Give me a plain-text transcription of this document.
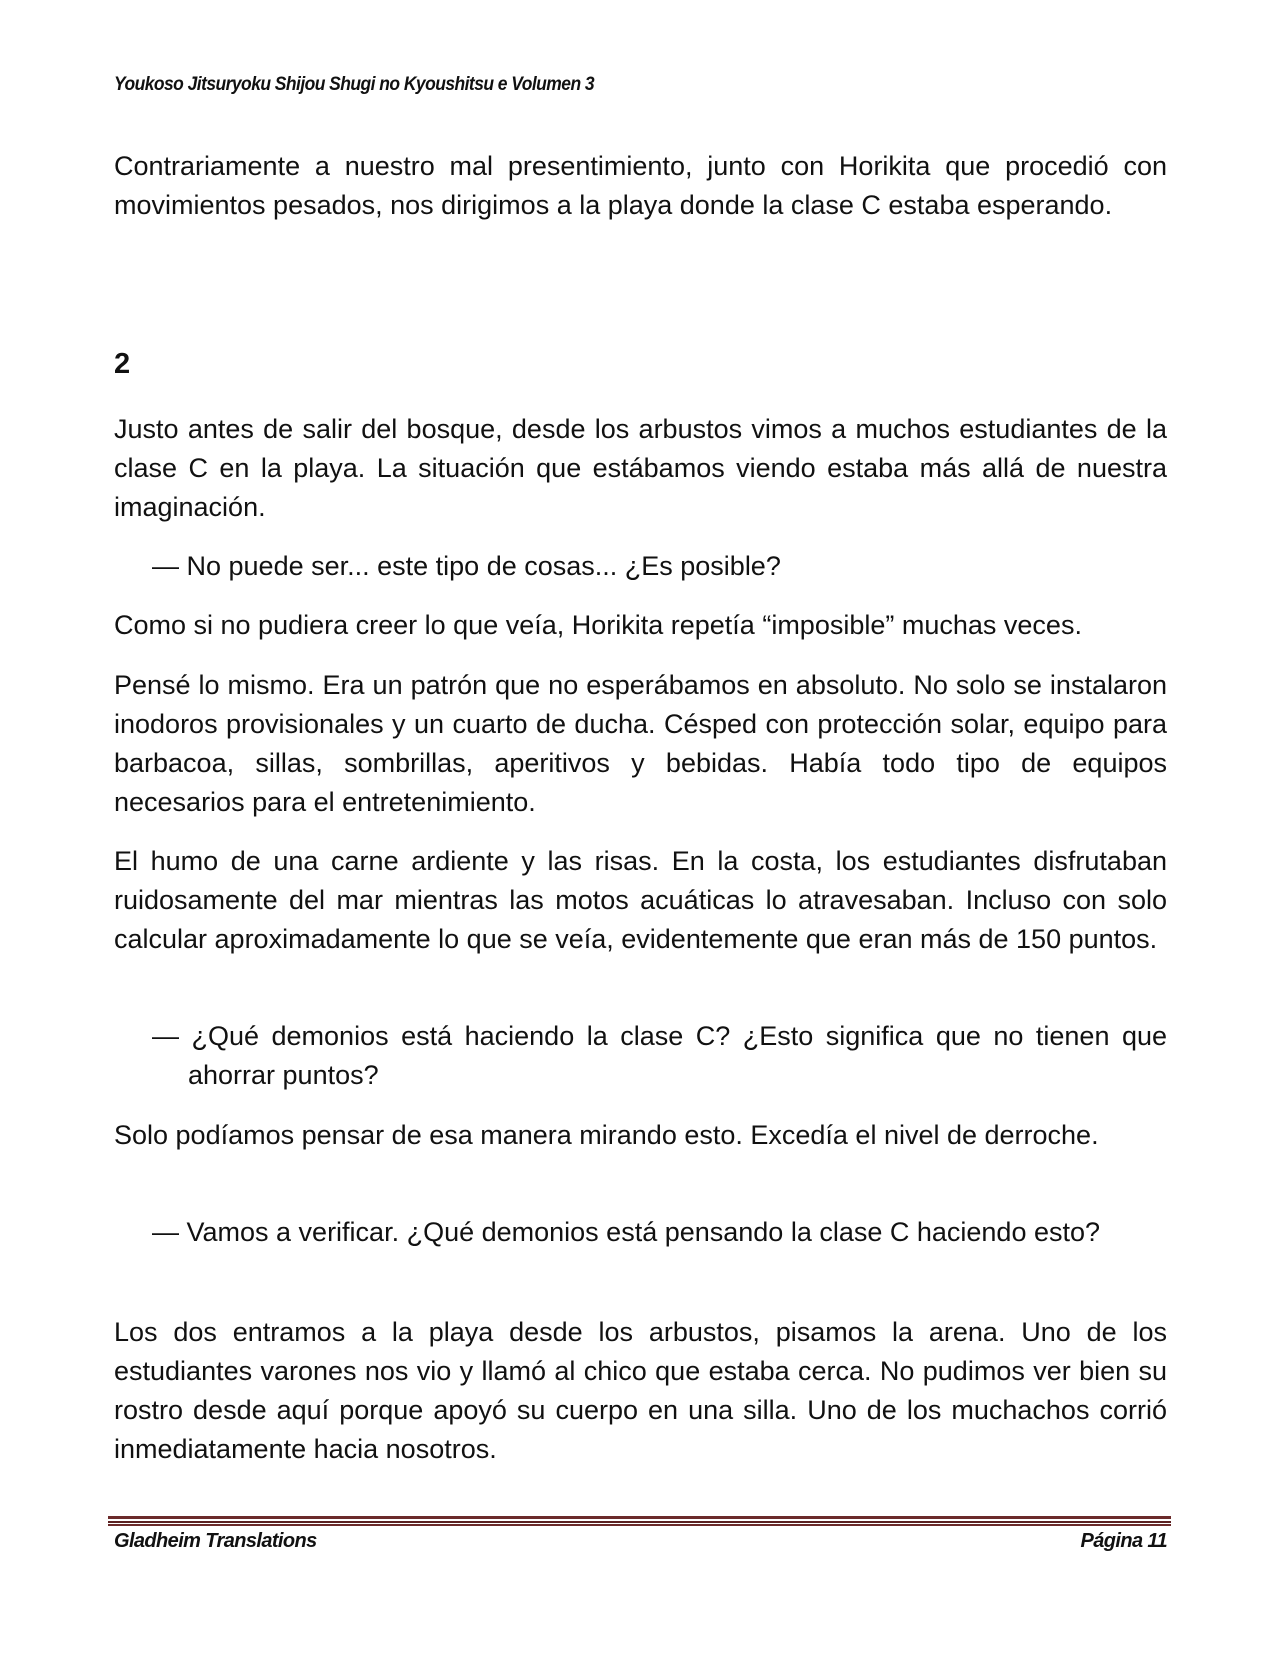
Youkoso Jitsuryoku Shijou Shugi no Kyoushitsu e Volumen 3

Contrariamente a nuestro mal presentimiento, junto con Horikita que procedió con movimientos pesados, nos dirigimos a la playa donde la clase C estaba esperando.

2

Justo antes de salir del bosque, desde los arbustos vimos a muchos estudiantes de la clase C en la playa. La situación que estábamos viendo estaba más allá de nuestra imaginación.

— No puede ser... este tipo de cosas... ¿Es posible?

Como si no pudiera creer lo que veía, Horikita repetía “imposible” muchas veces.

Pensé lo mismo. Era un patrón que no esperábamos en absoluto. No solo se instalaron inodoros provisionales y un cuarto de ducha. Césped con protección solar, equipo para barbacoa, sillas, sombrillas, aperitivos y bebidas. Había todo tipo de equipos necesarios para el entretenimiento.

El humo de una carne ardiente y las risas. En la costa, los estudiantes disfrutaban ruidosamente del mar mientras las motos acuáticas lo atravesaban. Incluso con solo calcular aproximadamente lo que se veía, evidentemente que eran más de 150 puntos.

— ¿Qué demonios está haciendo la clase C? ¿Esto significa que no tienen que ahorrar puntos?

Solo podíamos pensar de esa manera mirando esto. Excedía el nivel de derroche.

— Vamos a verificar. ¿Qué demonios está pensando la clase C haciendo esto?

Los dos entramos a la playa desde los arbustos, pisamos la arena. Uno de los estudiantes varones nos vio y llamó al chico que estaba cerca. No pudimos ver bien su rostro desde aquí porque apoyó su cuerpo en una silla. Uno de los muchachos corrió inmediatamente hacia nosotros.

Gladheim Translations	Página 11
